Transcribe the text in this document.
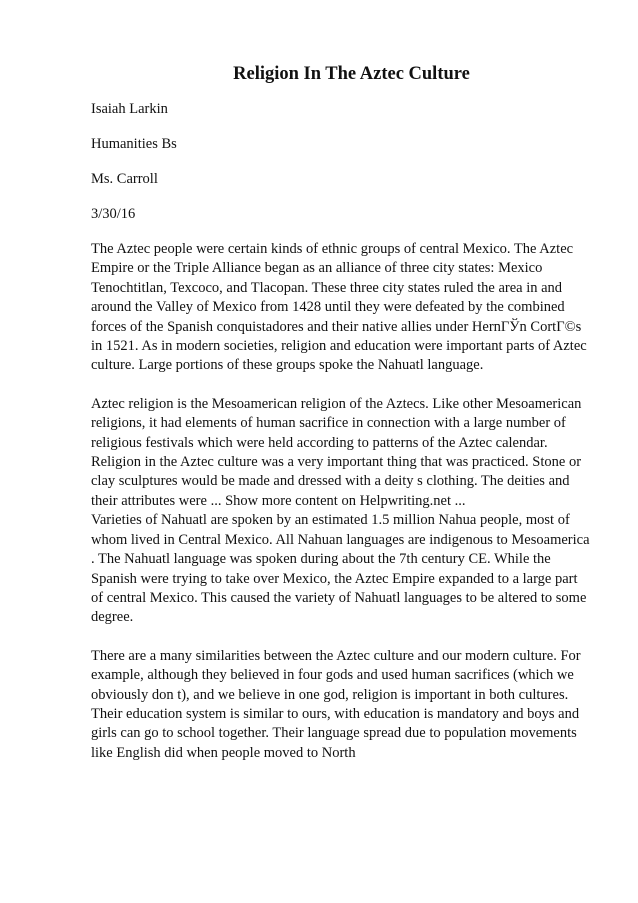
Religion In The Aztec Culture

Isaiah Larkin

Humanities Bs

Ms. Carroll

3/30/16

The Aztec people were certain kinds of ethnic groups of central Mexico. The Aztec
Empire or the Triple Alliance began as an alliance of three city states: Mexico
Tenochtitlan, Texcoco, and Tlacopan. These three city states ruled the area in and
around the Valley of Mexico from 1428 until they were defeated by the combined
forces of the Spanish conquistadores and their native allies under HernГЎn CortГ©s
in 1521. As in modern societies, religion and education were important parts of Aztec
culture. Large portions of these groups spoke the Nahuatl language.
Aztec religion is the Mesoamerican religion of the Aztecs. Like other Mesoamerican
religions, it had elements of human sacrifice in connection with a large number of
religious festivals which were held according to patterns of the Aztec calendar.
Religion in the Aztec culture was a very important thing that was practiced. Stone or
clay sculptures would be made and dressed with a deity s clothing. The deities and
their attributes were ... Show more content on Helpwriting.net ...
Varieties of Nahuatl are spoken by an estimated 1.5 million Nahua people, most of
whom lived in Central Mexico. All Nahuan languages are indigenous to Mesoamerica
. The Nahuatl language was spoken during about the 7th century CE. While the
Spanish were trying to take over Mexico, the Aztec Empire expanded to a large part
of central Mexico. This caused the variety of Nahuatl languages to be altered to some
degree.
There are a many similarities between the Aztec culture and our modern culture. For
example, although they believed in four gods and used human sacrifices (which we
obviously don t), and we believe in one god, religion is important in both cultures.
Their education system is similar to ours, with education is mandatory and boys and
girls can go to school together. Their language spread due to population movements
like English did when people moved to North
